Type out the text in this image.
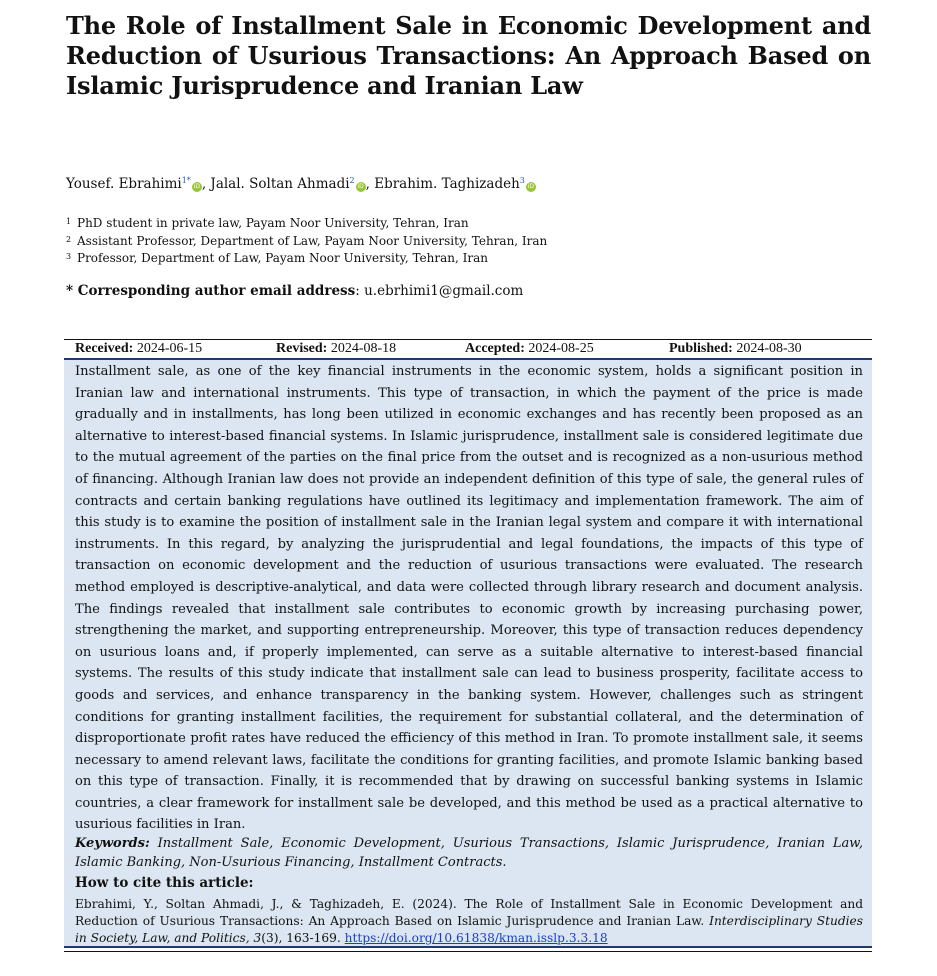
The Role of Installment Sale in Economic Development and Reduction of Usurious Transactions: An Approach Based on Islamic Jurisprudence and Iranian Law
Yousef. Ebrahimi$^{1*}$iD , Jalal. Soltan Ahmadi$^2$iD , Ebrahim. Taghizadeh$^3$iD
$^1$ PhD student in private law, Payam Noor University, Tehran, Iran
$^2$ Assistant Professor, Department of Law, Payam Noor University, Tehran, Iran
$^3$ Professor, Department of Law, Payam Noor University, Tehran, Iran
* Corresponding author email address: u.ebrhimi1@gmail.com
Received: 2024-06-15	Revised: 2024-08-18	Accepted: 2024-08-25	Published: 2024-08-30

Installment sale, as one of the key financial instruments in the economic system, holds a significant position in Iranian law and international instruments. This type of transaction, in which the payment of the price is made gradually and in installments, has long been utilized in economic exchanges and has recently been proposed as an alternative to interest-based financial systems. In Islamic jurisprudence, installment sale is considered legitimate due to the mutual agreement of the parties on the final price from the outset and is recognized as a non-usurious method of financing. Although Iranian law does not provide an independent definition of this type of sale, the general rules of contracts and certain banking regulations have outlined its legitimacy and implementation framework. The aim of this study is to examine the position of installment sale in the Iranian legal system and compare it with international instruments. In this regard, by analyzing the jurisprudential and legal foundations, the impacts of this type of transaction on economic development and the reduction of usurious transactions were evaluated. The research method employed is descriptive-analytical, and data were collected through library research and document analysis. The findings revealed that installment sale contributes to economic growth by increasing purchasing power, strengthening the market, and supporting entrepreneurship. Moreover, this type of transaction reduces dependency on usurious loans and, if properly implemented, can serve as a suitable alternative to interest-based financial systems. The results of this study indicate that installment sale can lead to business prosperity, facilitate access to goods and services, and enhance transparency in the banking system. However, challenges such as stringent conditions for granting installment facilities, the requirement for substantial collateral, and the determination of disproportionate profit rates have reduced the efficiency of this method in Iran. To promote installment sale, it seems necessary to amend relevant laws, facilitate the conditions for granting facilities, and promote Islamic banking based on this type of transaction. Finally, it is recommended that by drawing on successful banking systems in Islamic countries, a clear framework for installment sale be developed, and this method be used as a practical alternative to usurious facilities in Iran.

Keywords: Installment Sale, Economic Development, Usurious Transactions, Islamic Jurisprudence, Iranian Law, Islamic Banking, Non-Usurious Financing, Installment Contracts.

How to cite this article:

Ebrahimi, Y., Soltan Ahmadi, J., & Taghizadeh, E. (2024). The Role of Installment Sale in Economic Development and Reduction of Usurious Transactions: An Approach Based on Islamic Jurisprudence and Iranian Law. Interdisciplinary Studies in Society, Law, and Politics, 3(3), 163-169. https://doi.org/10.61838/kman.isslp.3.3.18
